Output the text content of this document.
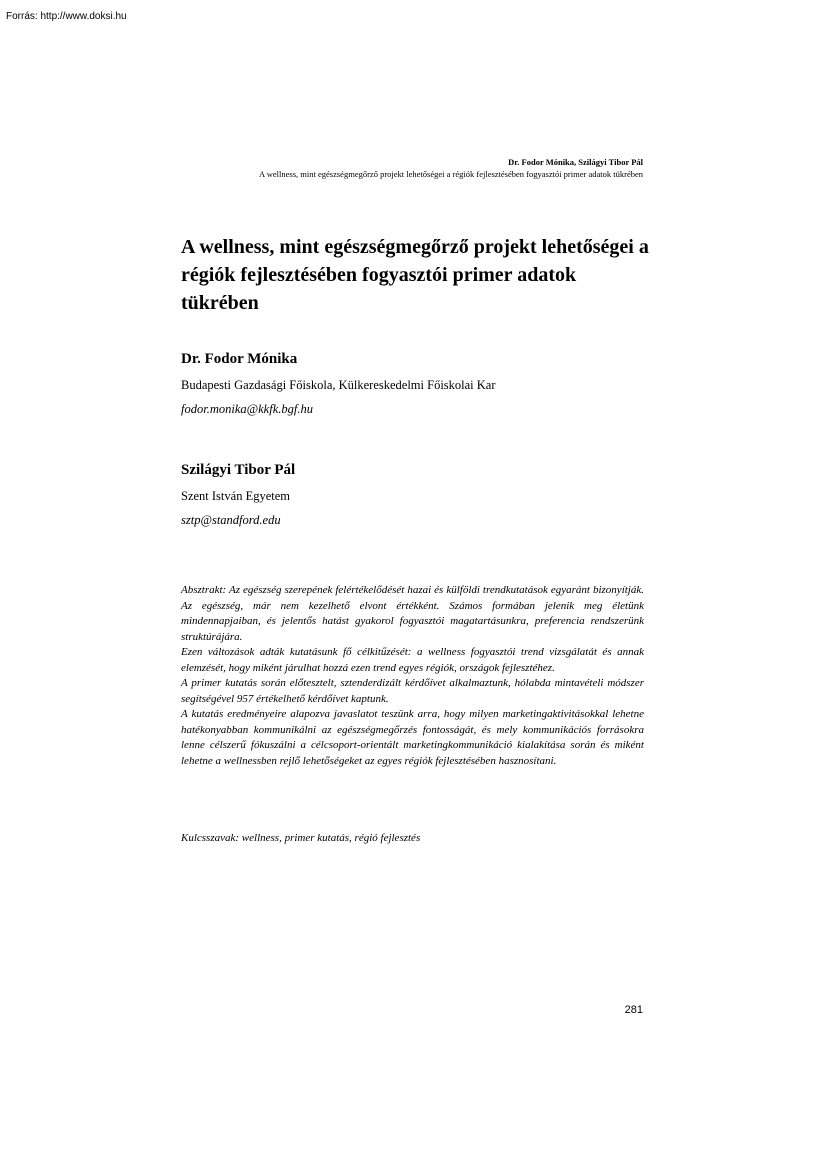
Forrás: http://www.doksi.hu
Dr. Fodor Mónika, Szilágyi Tibor Pál
A wellness, mint egészségmegőrző projekt lehetőségei a régiók fejlesztésében fogyasztói primer adatok tükrében
A wellness, mint egészségmegőrző projekt lehetőségei a régiók fejlesztésében fogyasztói primer adatok tükrében
Dr. Fodor Mónika
Budapesti Gazdasági Főiskola, Külkereskedelmi Főiskolai Kar
fodor.monika@kkfk.bgf.hu
Szilágyi Tibor Pál
Szent István Egyetem
sztp@standford.edu

Absztrakt: Az egészség szerepének felértékelődését hazai és külföldi trendkutatások egyaránt bizonyítják. Az egészség, már nem kezelhető elvont értékként. Számos formában jelenik meg életünk mindennapjaiban, és jelentős hatást gyakorol fogyasztói magatartásunkra, preferencia rendszerünk struktúrájára.

Ezen változások adták kutatásunk fő célkitűzését: a wellness fogyasztói trend vizsgálatát és annak elemzését, hogy miként járulhat hozzá ezen trend egyes régiók, országok fejlesztéhez.

A primer kutatás során előtesztelt, sztenderdizált kérdőívet alkalmaztunk, hólabda mintavételi módszer segítségével 957 értékelhető kérdőívet kaptunk.

A kutatás eredményeire alapozva javaslatot teszünk arra, hogy milyen marketingaktivitásokkal lehetne hatékonyabban kommunikálni az egészségmegőrzés fontosságát, és mely kommunikációs forrásokra lenne célszerű fókuszálni a célcsoport-orientált marketingkommunikáció kialakítása során és miként lehetne a wellnessben rejlő lehetőségeket az egyes régiók fejlesztésében hasznosítani.

Kulcsszavak: wellness, primer kutatás, régió fejlesztés

281
